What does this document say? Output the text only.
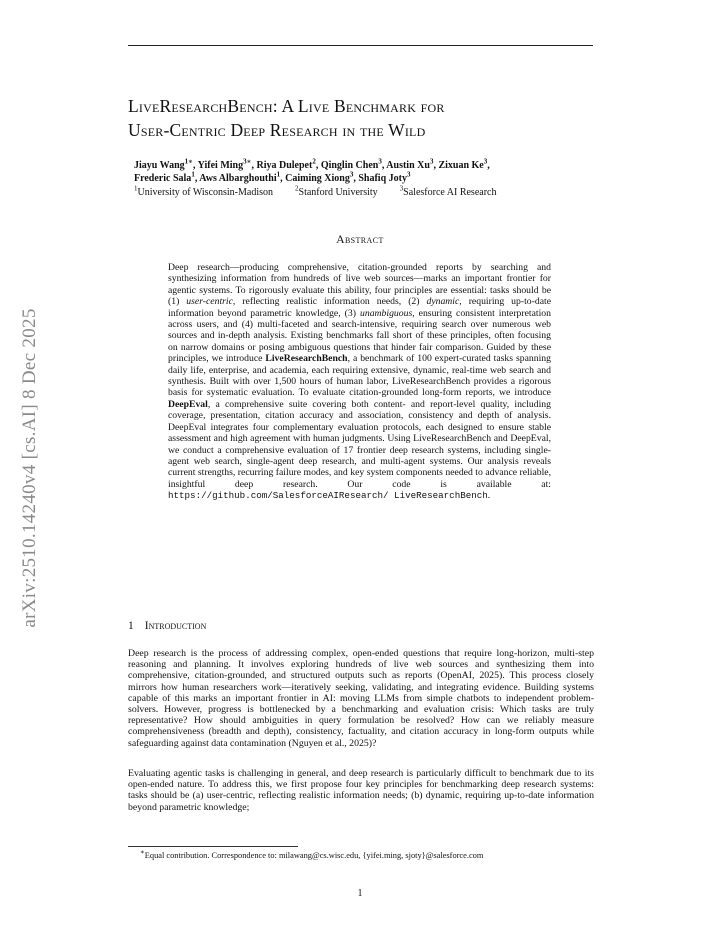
arXiv:2510.14240v4 [cs.AI] 8 Dec 2025
LiveResearchBench: A Live Benchmark for
User-Centric Deep Research in the Wild
Jiayu Wang$^{1∗}$, Yifei Ming$^{3∗}$, Riya Dulepet$^2$, Qinglin Chen$^3$, Austin Xu$^3$, Zixuan Ke$^3$,
Frederic Sala$^1$, Aws Albarghouthi$^1$, Caiming Xiong$^3$, Shafiq Joty$^3$
$^1$University of Wisconsin-Madison	$^2$Stanford University	$^3$Salesforce AI Research
Abstract
Deep research—producing comprehensive, citation-grounded reports by searching and synthesizing information from hundreds of live web sources—marks an important frontier for agentic systems. To rigorously evaluate this ability, four principles are essential: tasks should be (1) user-centric, reflecting realistic information needs, (2) dynamic, requiring up-to-date information beyond parametric knowledge, (3) unambiguous, ensuring consistent interpretation across users, and (4) multi-faceted and search-intensive, requiring search over numerous web sources and in-depth analysis. Existing benchmarks fall short of these principles, often focusing on narrow domains or posing ambiguous questions that hinder fair comparison. Guided by these principles, we introduce LiveResearchBench, a benchmark of 100 expert-curated tasks spanning daily life, enterprise, and academia, each requiring extensive, dynamic, real-time web search and synthesis. Built with over 1,500 hours of human labor, LiveResearchBench provides a rigorous basis for systematic evaluation. To evaluate citation-grounded long-form reports, we introduce DeepEval, a comprehensive suite covering both content- and report-level quality, including coverage, presentation, citation accuracy and association, consistency and depth of analysis. DeepEval integrates four complementary evaluation protocols, each designed to ensure stable assessment and high agreement with human judgments. Using LiveResearchBench and DeepEval, we conduct a comprehensive evaluation of 17 frontier deep research systems, including single-agent web search, single-agent deep research, and multi-agent systems. Our analysis reveals current strengths, recurring failure modes, and key system components needed to advance reliable, insightful deep research. Our code is available at: https://github.com/SalesforceAIResearch/ LiveResearchBench.
1 Introduction
Deep research is the process of addressing complex, open-ended questions that require long-horizon, multi-step reasoning and planning. It involves exploring hundreds of live web sources and synthesizing them into comprehensive, citation-grounded, and structured outputs such as reports (OpenAI, 2025). This process closely mirrors how human researchers work—iteratively seeking, validating, and integrating evidence. Building systems capable of this marks an important frontier in AI: moving LLMs from simple chatbots to independent problem-solvers. However, progress is bottlenecked by a benchmarking and evaluation crisis: Which tasks are truly representative? How should ambiguities in query formulation be resolved? How can we reliably measure comprehensiveness (breadth and depth), consistency, factuality, and citation accuracy in long-form outputs while safeguarding against data contamination (Nguyen et al., 2025)?
Evaluating agentic tasks is challenging in general, and deep research is particularly difficult to benchmark due to its open-ended nature. To address this, we first propose four key principles for benchmarking deep research systems: tasks should be (a) user-centric, reflecting realistic information needs; (b) dynamic, requiring up-to-date information beyond parametric knowledge;
∗Equal contribution. Correspondence to: milawang@cs.wisc.edu, {yifei.ming, sjoty}@salesforce.com
1
